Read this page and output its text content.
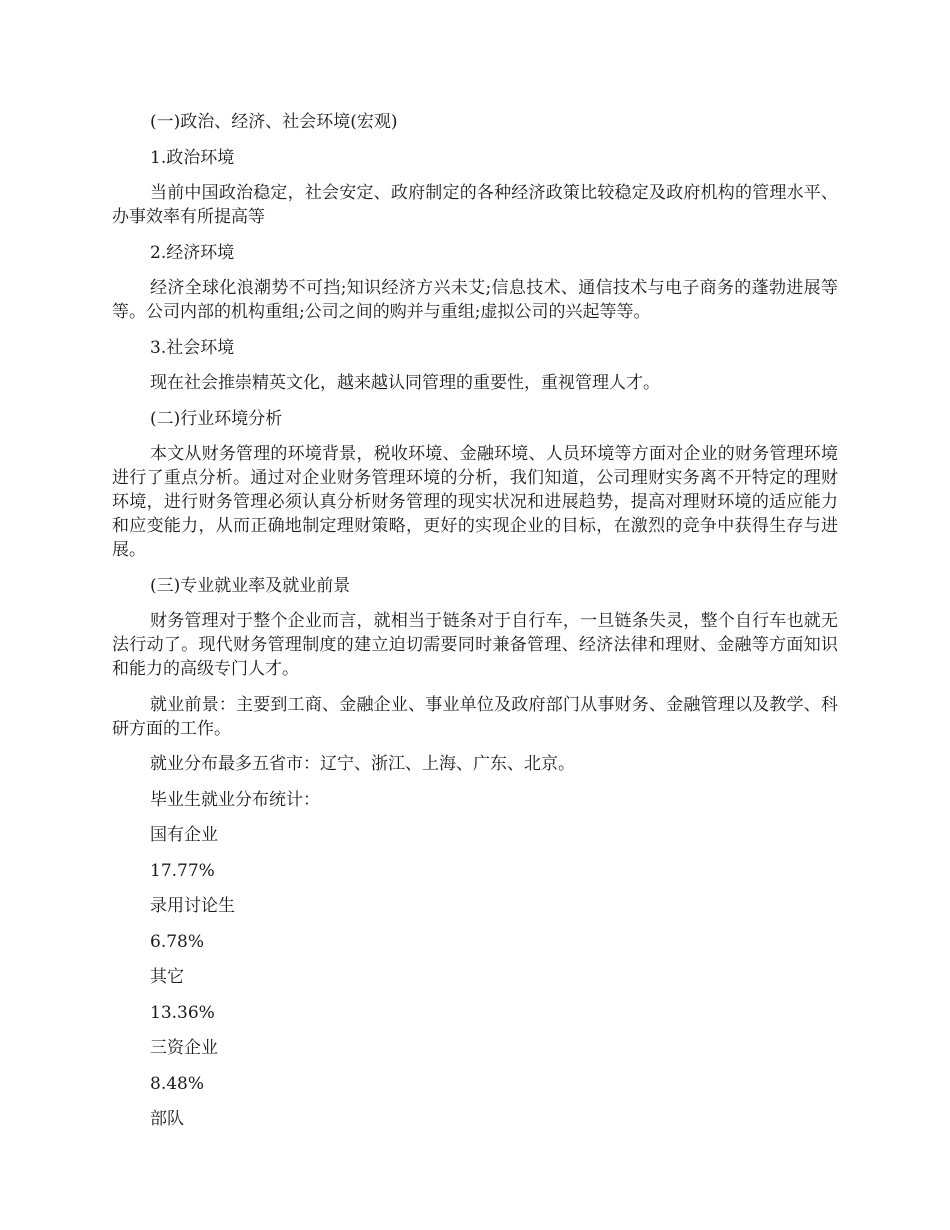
(一)政治、经济、社会环境(宏观)

1.政治环境

当前中国政治稳定，社会安定、政府制定的各种经济政策比较稳定及政府机构的管理水平、办事效率有所提高等

2.经济环境

经济全球化浪潮势不可挡;知识经济方兴未艾;信息技术、通信技术与电子商务的蓬勃进展等等。公司内部的机构重组;公司之间的购并与重组;虚拟公司的兴起等等。

3.社会环境

现在社会推崇精英文化，越来越认同管理的重要性，重视管理人才。

(二)行业环境分析

本文从财务管理的环境背景，税收环境、金融环境、人员环境等方面对企业的财务管理环境进行了重点分析。通过对企业财务管理环境的分析，我们知道，公司理财实务离不开特定的理财环境，进行财务管理必须认真分析财务管理的现实状况和进展趋势，提高对理财环境的适应能力和应变能力，从而正确地制定理财策略，更好的实现企业的目标，在激烈的竞争中获得生存与进展。

(三)专业就业率及就业前景

财务管理对于整个企业而言，就相当于链条对于自行车，一旦链条失灵，整个自行车也就无法行动了。现代财务管理制度的建立迫切需要同时兼备管理、经济法律和理财、金融等方面知识和能力的高级专门人才。

就业前景：主要到工商、金融企业、事业单位及政府部门从事财务、金融管理以及教学、科研方面的工作。

就业分布最多五省市：辽宁、浙江、上海、广东、北京。

毕业生就业分布统计：

国有企业

17.77%

录用讨论生

6.78%

其它

13.36%

三资企业

8.48%

部队
